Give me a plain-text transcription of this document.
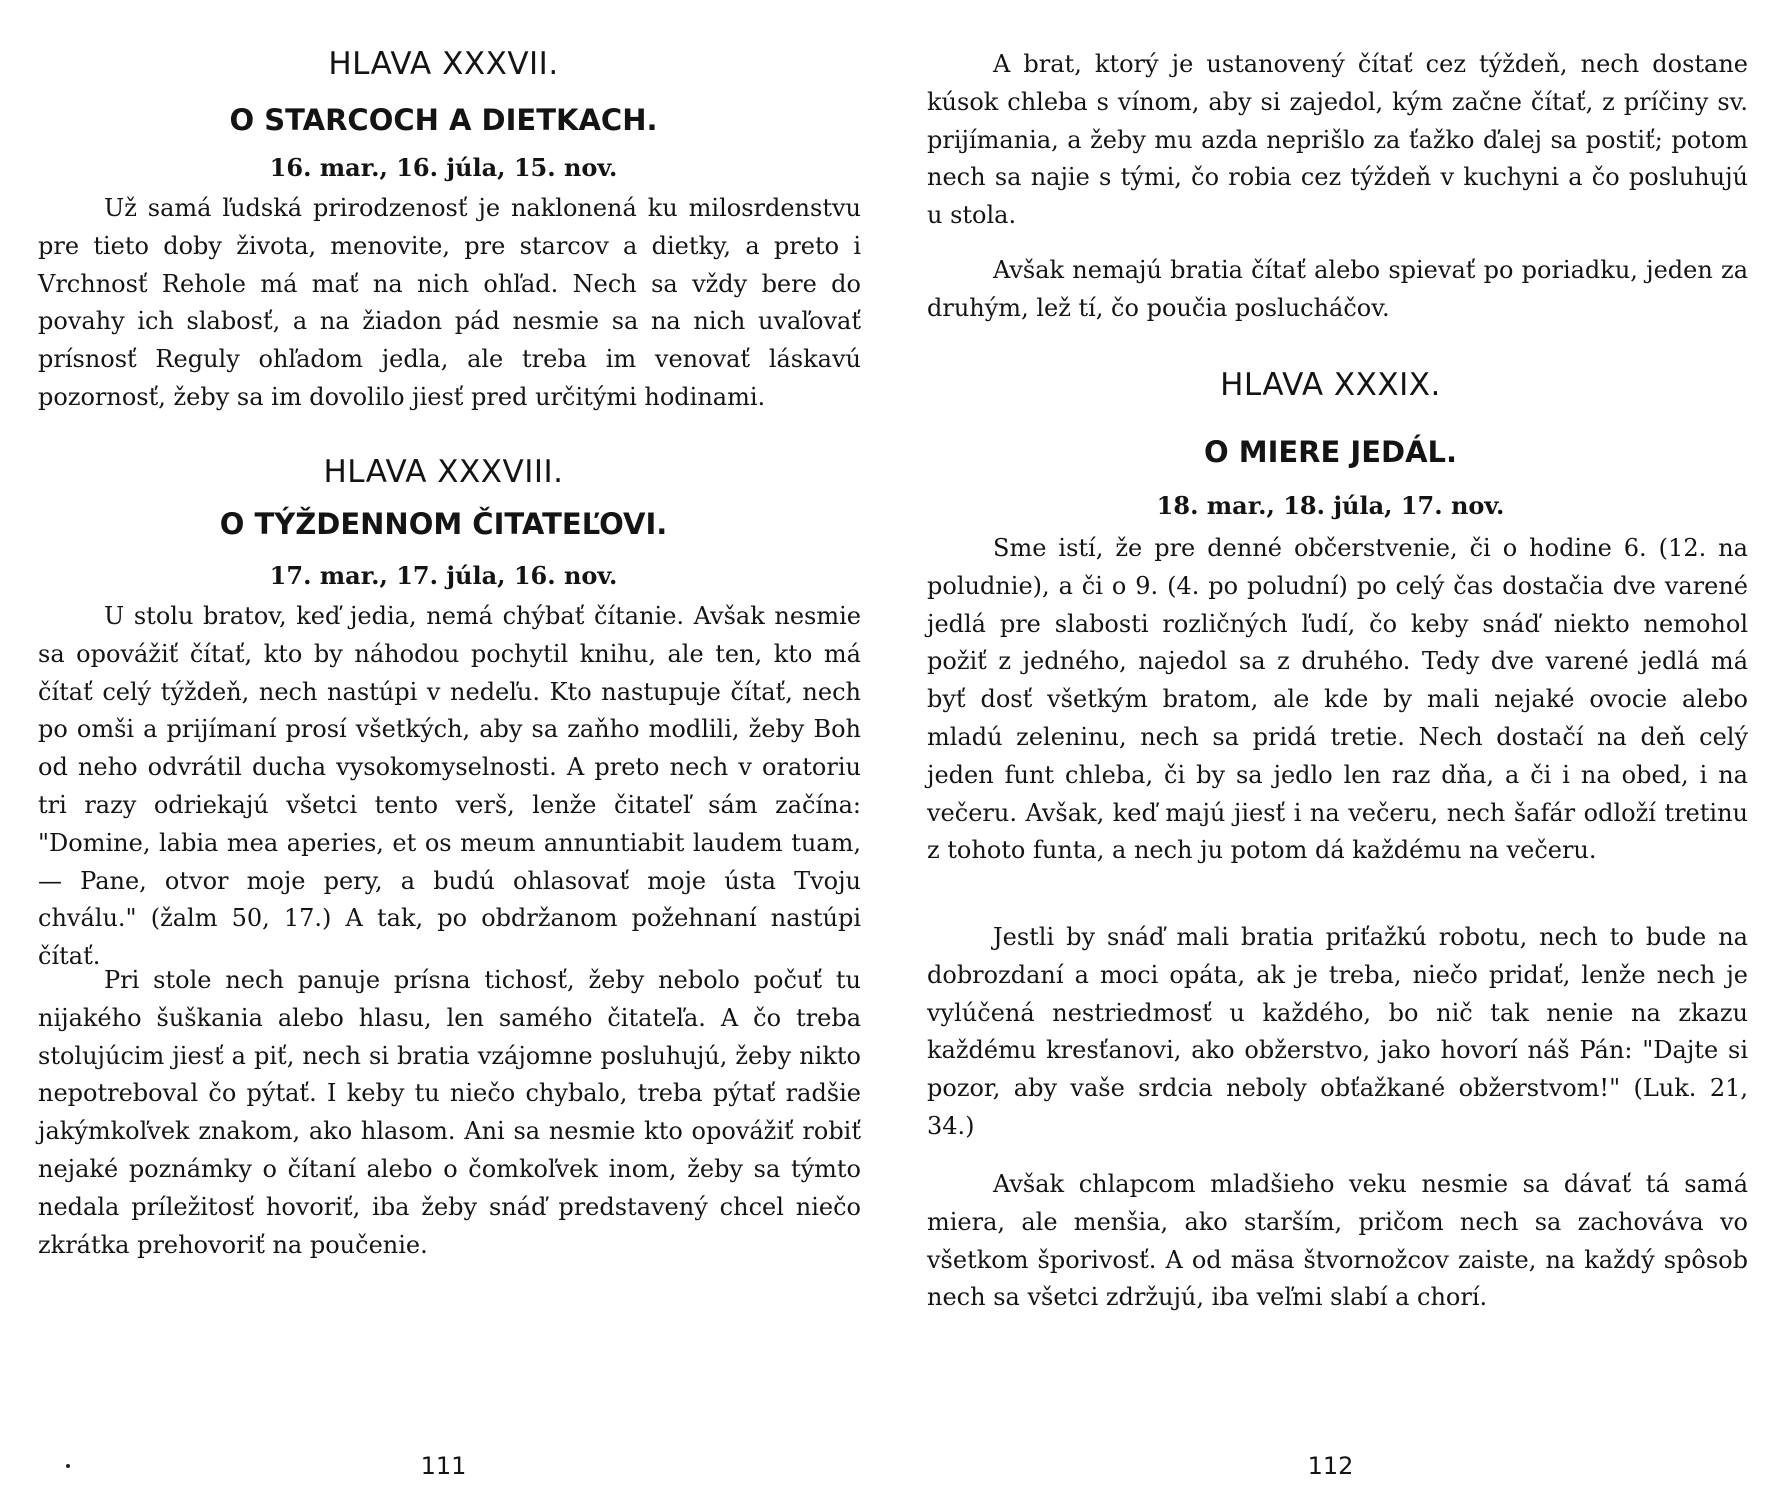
HLAVA XXXVII.
O STARCOCH A DIETKACH.
16. mar., 16. júla, 15. nov.

Už samá ľudská prirodzenosť je naklonená ku milosrdenstvu pre tieto doby života, menovite, pre starcov a dietky, a preto i Vrchnosť Rehole má mať na nich ohľad. Nech sa vždy bere do povahy ich slabosť, a na žiadon pád nesmie sa na nich uvaľovať prísnosť Reguly ohľadom jedla, ale treba im venovať láskavú pozornosť, žeby sa im dovolilo jiesť pred určitými hodinami.

HLAVA XXXVIII.
O TÝŽDENNOM ČITATEĽOVI.
17. mar., 17. júla, 16. nov.

U stolu bratov, keď jedia, nemá chýbať čítanie. Avšak nesmie sa opovážiť čítať, kto by náhodou pochytil knihu, ale ten, kto má čítať celý týždeň, nech nastúpi v nedeľu. Kto nastupuje čítať, nech po omši a prijímaní prosí všetkých, aby sa zaňho modlili, žeby Boh od neho odvrátil ducha vysokomyselnosti. A preto nech v oratoriu tri razy odriekajú všetci tento verš, lenže čitateľ sám začína: "Domine, labia mea aperies, et os meum annuntiabit laudem tuam, — Pane, otvor moje pery, a budú ohlasovať moje ústa Tvoju chválu." (žalm 50, 17.) A tak, po obdržanom požehnaní nastúpi čítať.

Pri stole nech panuje prísna tichosť, žeby nebolo počuť tu nijakého šuškania alebo hlasu, len samého čitateľa. A čo treba stolujúcim jiesť a piť, nech si bratia vzájomne posluhujú, žeby nikto nepotreboval čo pýtať. I keby tu niečo chybalo, treba pýtať radšie jakýmkoľvek znakom, ako hlasom. Ani sa nesmie kto opovážiť robiť nejaké poznámky o čítaní alebo o čomkoľvek inom, žeby sa týmto nedala príležitosť hovoriť, iba žeby snáď predstavený chcel niečo zkrátka prehovoriť na poučenie.

111

A brat, ktorý je ustanovený čítať cez týždeň, nech dostane kúsok chleba s vínom, aby si zajedol, kým začne čítať, z príčiny sv. prijímania, a žeby mu azda neprišlo za ťažko ďalej sa postiť; potom nech sa najie s tými, čo robia cez týždeň v kuchyni a čo posluhujú u stola.

Avšak nemajú bratia čítať alebo spievať po poriadku, jeden za druhým, lež tí, čo poučia poslucháčov.

HLAVA XXXIX.
O MIERE JEDÁL.
18. mar., 18. júla, 17. nov.

Sme istí, že pre denné občerstvenie, či o hodine 6. (12. na poludnie), a či o 9. (4. po poludní) po celý čas dostačia dve varené jedlá pre slabosti rozličných ľudí, čo keby snáď niekto nemohol požiť z jedného, najedol sa z druhého. Tedy dve varené jedlá má byť dosť všetkým bratom, ale kde by mali nejaké ovocie alebo mladú zeleninu, nech sa pridá tretie. Nech dostačí na deň celý jeden funt chleba, či by sa jedlo len raz dňa, a či i na obed, i na večeru. Avšak, keď majú jiesť i na večeru, nech šafár odloží tretinu z tohoto funta, a nech ju potom dá každému na večeru.

Jestli by snáď mali bratia priťažkú robotu, nech to bude na dobrozdaní a moci opáta, ak je treba, niečo pridať, lenže nech je vylúčená nestriedmosť u každého, bo nič tak nenie na zkazu každému kresťanovi, ako obžerstvo, jako hovorí náš Pán: "Dajte si pozor, aby vaše srdcia neboly obťažkané obžerstvom!" (Luk. 21, 34.)

Avšak chlapcom mladšieho veku nesmie sa dávať tá samá miera, ale menšia, ako starším, pričom nech sa zachováva vo všetkom šporivosť. A od mäsa štvornožcov zaiste, na každý spôsob nech sa všetci zdržujú, iba veľmi slabí a chorí.

112
